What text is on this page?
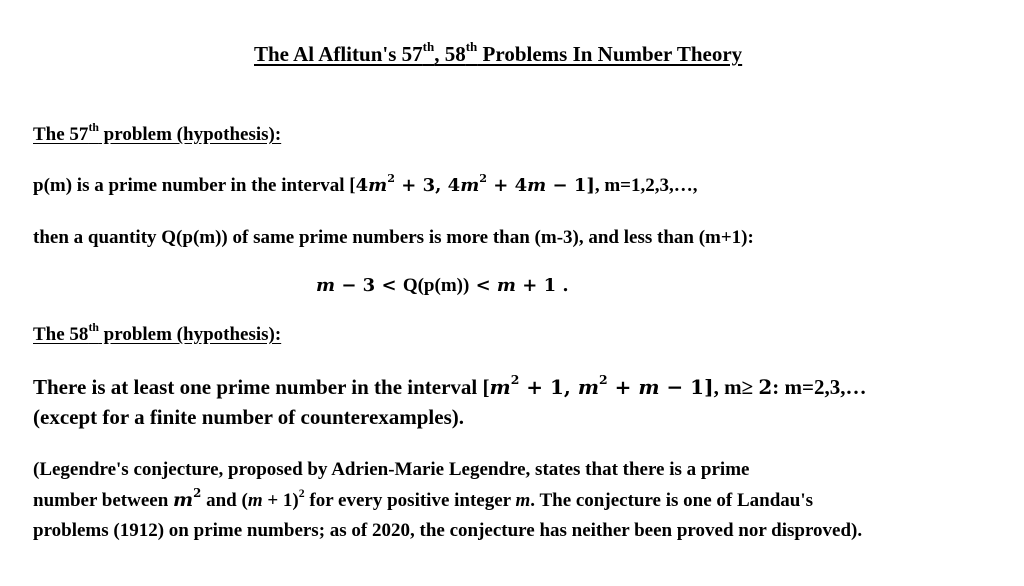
The Al Aflitun's 57th, 58th Problems In Number Theory
The 57th problem (hypothesis):
p(m) is a prime number in the interval [$4m^2 + 3$, $4m^2 + 4m - 1$], m=1,2,3,…,
then a quantity Q(p(m)) of same prime numbers is more than (m-3), and less than (m+1):
m − 3 < Q(p(m)) < m + 1 .
The 58th problem (hypothesis):
There is at least one prime number in the interval [$m^2 + 1$, $m^2 + m - 1$], m≥ 2: m=2,3,…
(except for a finite number of counterexamples).
(Legendre's conjecture, proposed by Adrien-Marie Legendre, states that there is a prime
number between $m^2$ and $(m + 1)^2$ for every positive integer m. The conjecture is one of Landau's
problems (1912) on prime numbers; as of 2020, the conjecture has neither been proved nor disproved).
